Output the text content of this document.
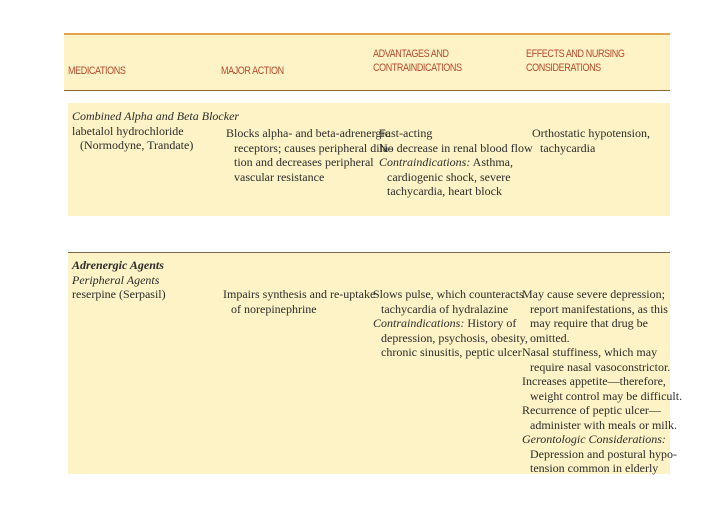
MEDICATIONS	MAJOR ACTION
ADVANTAGES AND
CONTRAINDICATIONS
EFFECTS AND NURSING
CONSIDERATIONS
Combined Alpha and Beta Blocker
labetalol hydrochloride
(Normodyne, Trandate)
Blocks alpha- and beta-adrenergic
receptors; causes peripheral dila-
tion and decreases peripheral
vascular resistance
Fast-acting
No decrease in renal blood flow
Contraindications: Asthma,
cardiogenic shock, severe
tachycardia, heart block
Orthostatic hypotension,
tachycardia
Adrenergic Agents
Peripheral Agents
reserpine (Serpasil)	Impairs synthesis and re-uptake
of norepinephrine
Slows pulse, which counteracts
tachycardia of hydralazine
Contraindications: History of
depression, psychosis, obesity,
chronic sinusitis, peptic ulcer
May cause severe depression;
report manifestations, as this
may require that drug be
omitted.
Nasal stuffiness, which may
require nasal vasoconstrictor.
Increases appetite—therefore,
weight control may be difficult.
Recurrence of peptic ulcer—
administer with meals or milk.
Gerontologic Considerations:
Depression and postural hypo-
tension common in elderly
